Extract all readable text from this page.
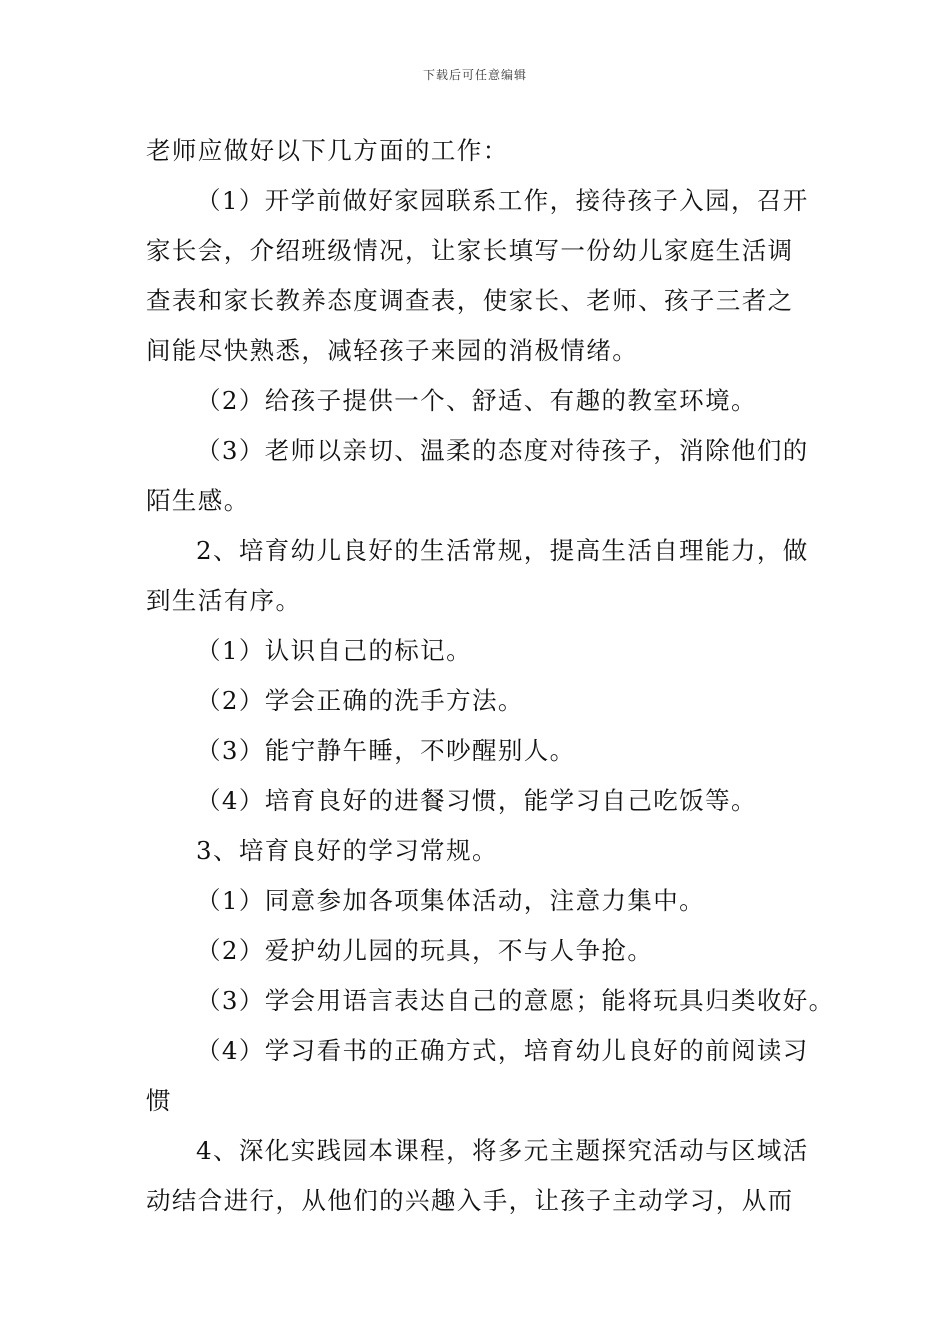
下载后可任意编辑
老师应做好以下几方面的工作：
（1）开学前做好家园联系工作，接待孩子入园，召开
家长会，介绍班级情况，让家长填写一份幼儿家庭生活调
查表和家长教养态度调查表，使家长、老师、孩子三者之
间能尽快熟悉，减轻孩子来园的消极情绪。
（2）给孩子提供一个、舒适、有趣的教室环境。
（3）老师以亲切、温柔的态度对待孩子，消除他们的
陌生感。
2、培育幼儿良好的生活常规，提高生活自理能力，做
到生活有序。
（1）认识自己的标记。
（2）学会正确的洗手方法。
（3）能宁静午睡，不吵醒别人。
（4）培育良好的进餐习惯，能学习自己吃饭等。
3、培育良好的学习常规。
（1）同意参加各项集体活动，注意力集中。
（2）爱护幼儿园的玩具，不与人争抢。
（3）学会用语言表达自己的意愿；能将玩具归类收好。
（4）学习看书的正确方式，培育幼儿良好的前阅读习
惯
4、深化实践园本课程，将多元主题探究活动与区域活
动结合进行，从他们的兴趣入手，让孩子主动学习，从而
